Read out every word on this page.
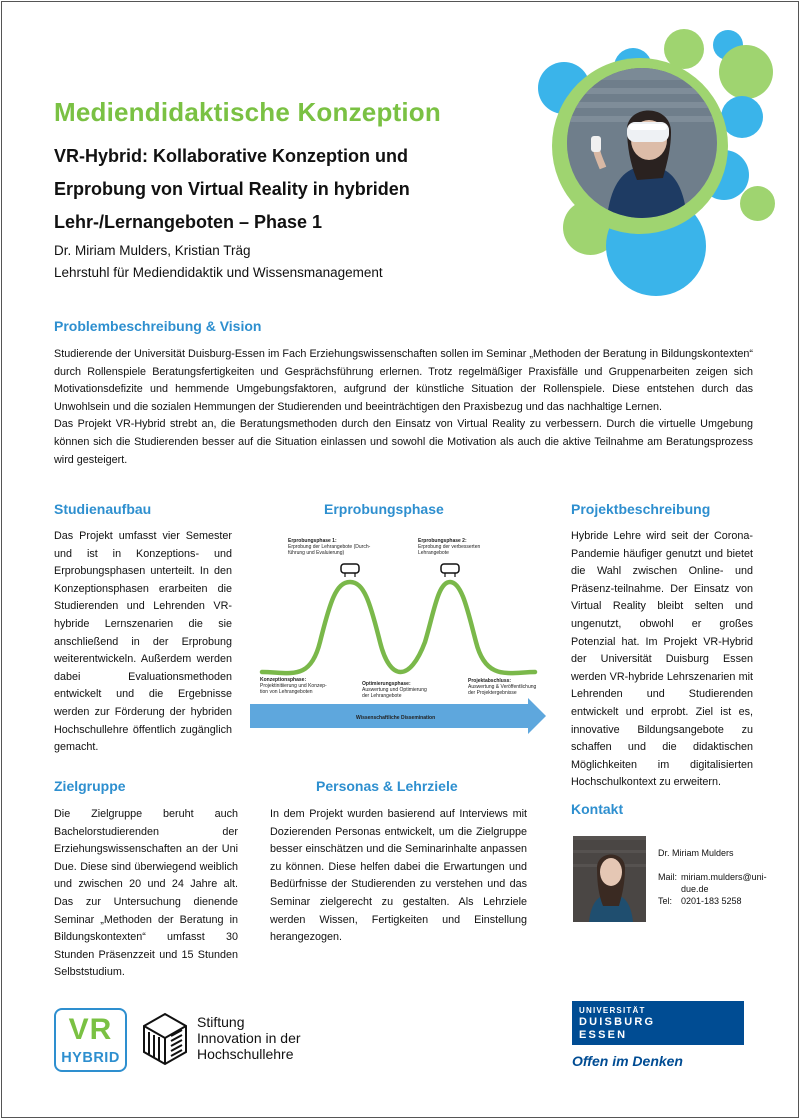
Mediendidaktische Konzeption
VR-Hybrid: Kollaborative Konzeption und
Erprobung von Virtual Reality in hybriden
Lehr-/Lernangeboten – Phase 1
Dr. Miriam Mulders, Kristian Träg
Lehrstuhl für Mediendidaktik und Wissensmanagement
Problembeschreibung & Vision

Studierende der Universität Duisburg-Essen im Fach Erziehungswissenschaften sollen im Seminar „Methoden der Beratung in Bildungskontexten“ durch Rollenspiele Beratungsfertigkeiten und Gesprächsführung erlernen. Trotz regelmäßiger Praxisfälle und Gruppenarbeiten zeigen sich Motivationsdefizite und hemmende Umgebungsfaktoren, aufgrund der künstliche Situation der Rollenspiele. Diese entstehen durch das Unwohlsein und die sozialen Hemmungen der Studierenden und beeinträchtigen den Praxisbezug und das nachhaltige Lernen.

Das Projekt VR-Hybrid strebt an, die Beratungsmethoden durch den Einsatz von Virtual Reality zu verbessern. Durch die virtuelle Umgebung können sich die Studierenden besser auf die Situation einlassen und sowohl die Motivation als auch die aktive Teilnahme am Beratungsprozess wird gesteigert.

Studienaufbau
Das Projekt umfasst vier Semester und ist in Konzeptions- und Erprobungsphasen unterteilt. In den Konzeptionsphasen erarbeiten die Studierenden und Lehrenden VR-hybride Lernszenarien die sie anschließend in der Erprobung weiterentwickeln. Außerdem werden dabei Evaluationsmethoden entwickelt und die Ergebnisse werden zur Förderung der hybriden Hochschullehre öffentlich zugänglich gemacht.
Erprobungsphase
Erprobungsphase 1:
Erprobung der Lehrangebote (Durch-
führung und Evaluierung)
Erprobungsphase 2:
Erprobung der verbesserten
Lehrangebote
Konzeptionsphase:
Projektinitiierung und Konzep-
tion von Lehrangeboten
Optimierungsphase:
Auswertung und Optimierung
der Lehrangebote
Projektabschluss:
Auswertung & Veröffentlichung
der Projektergebnisse
Wissenschaftliche Dissemination
Projektbeschreibung
Hybride Lehre wird seit der Corona-Pandemie häufiger genutzt und bietet die Wahl zwischen Online- und Präsenz-teilnahme. Der Einsatz von Virtual Reality bleibt selten und ungenutzt, obwohl er großes Potenzial hat. Im Projekt VR-Hybrid der Universität Duisburg Essen werden VR-hybride Lehrszenarien mit Lehrenden und Studierenden entwickelt und erprobt. Ziel ist es, innovative Bildungsangebote zu schaffen und die didaktischen Möglichkeiten im digitalisierten Hochschulkontext zu erweitern.
Zielgruppe
Die Zielgruppe beruht auch Bachelorstudierenden der Erziehungswissenschaften an der Uni Due. Diese sind überwiegend weiblich und zwischen 20 und 24 Jahre alt. Das zur Untersuchung dienende Seminar „Methoden der Beratung in Bildungskontexten“ umfasst 30 Stunden Präsenzzeit und 15 Stunden Selbststudium.
Personas & Lehrziele
In dem Projekt wurden basierend auf Interviews mit Dozierenden Personas entwickelt, um die Zielgruppe besser einschätzen und die Seminarinhalte anpassen zu können. Diese helfen dabei die Erwartungen und Bedürfnisse der Studierenden zu verstehen und das Seminar zielgerecht zu gestalten. Als Lehrziele werden Wissen, Fertigkeiten und Einstellung herangezogen.
Kontakt
Dr. Miriam Mulders
Mail: miriam.mulders@uni-
due.de
Tel: 0201-183 5258
VR
HYBRID
Stiftung
Innovation in der
Hochschullehre
UNIVERSITÄT
DUISBURG
ESSEN
Offen im Denken
